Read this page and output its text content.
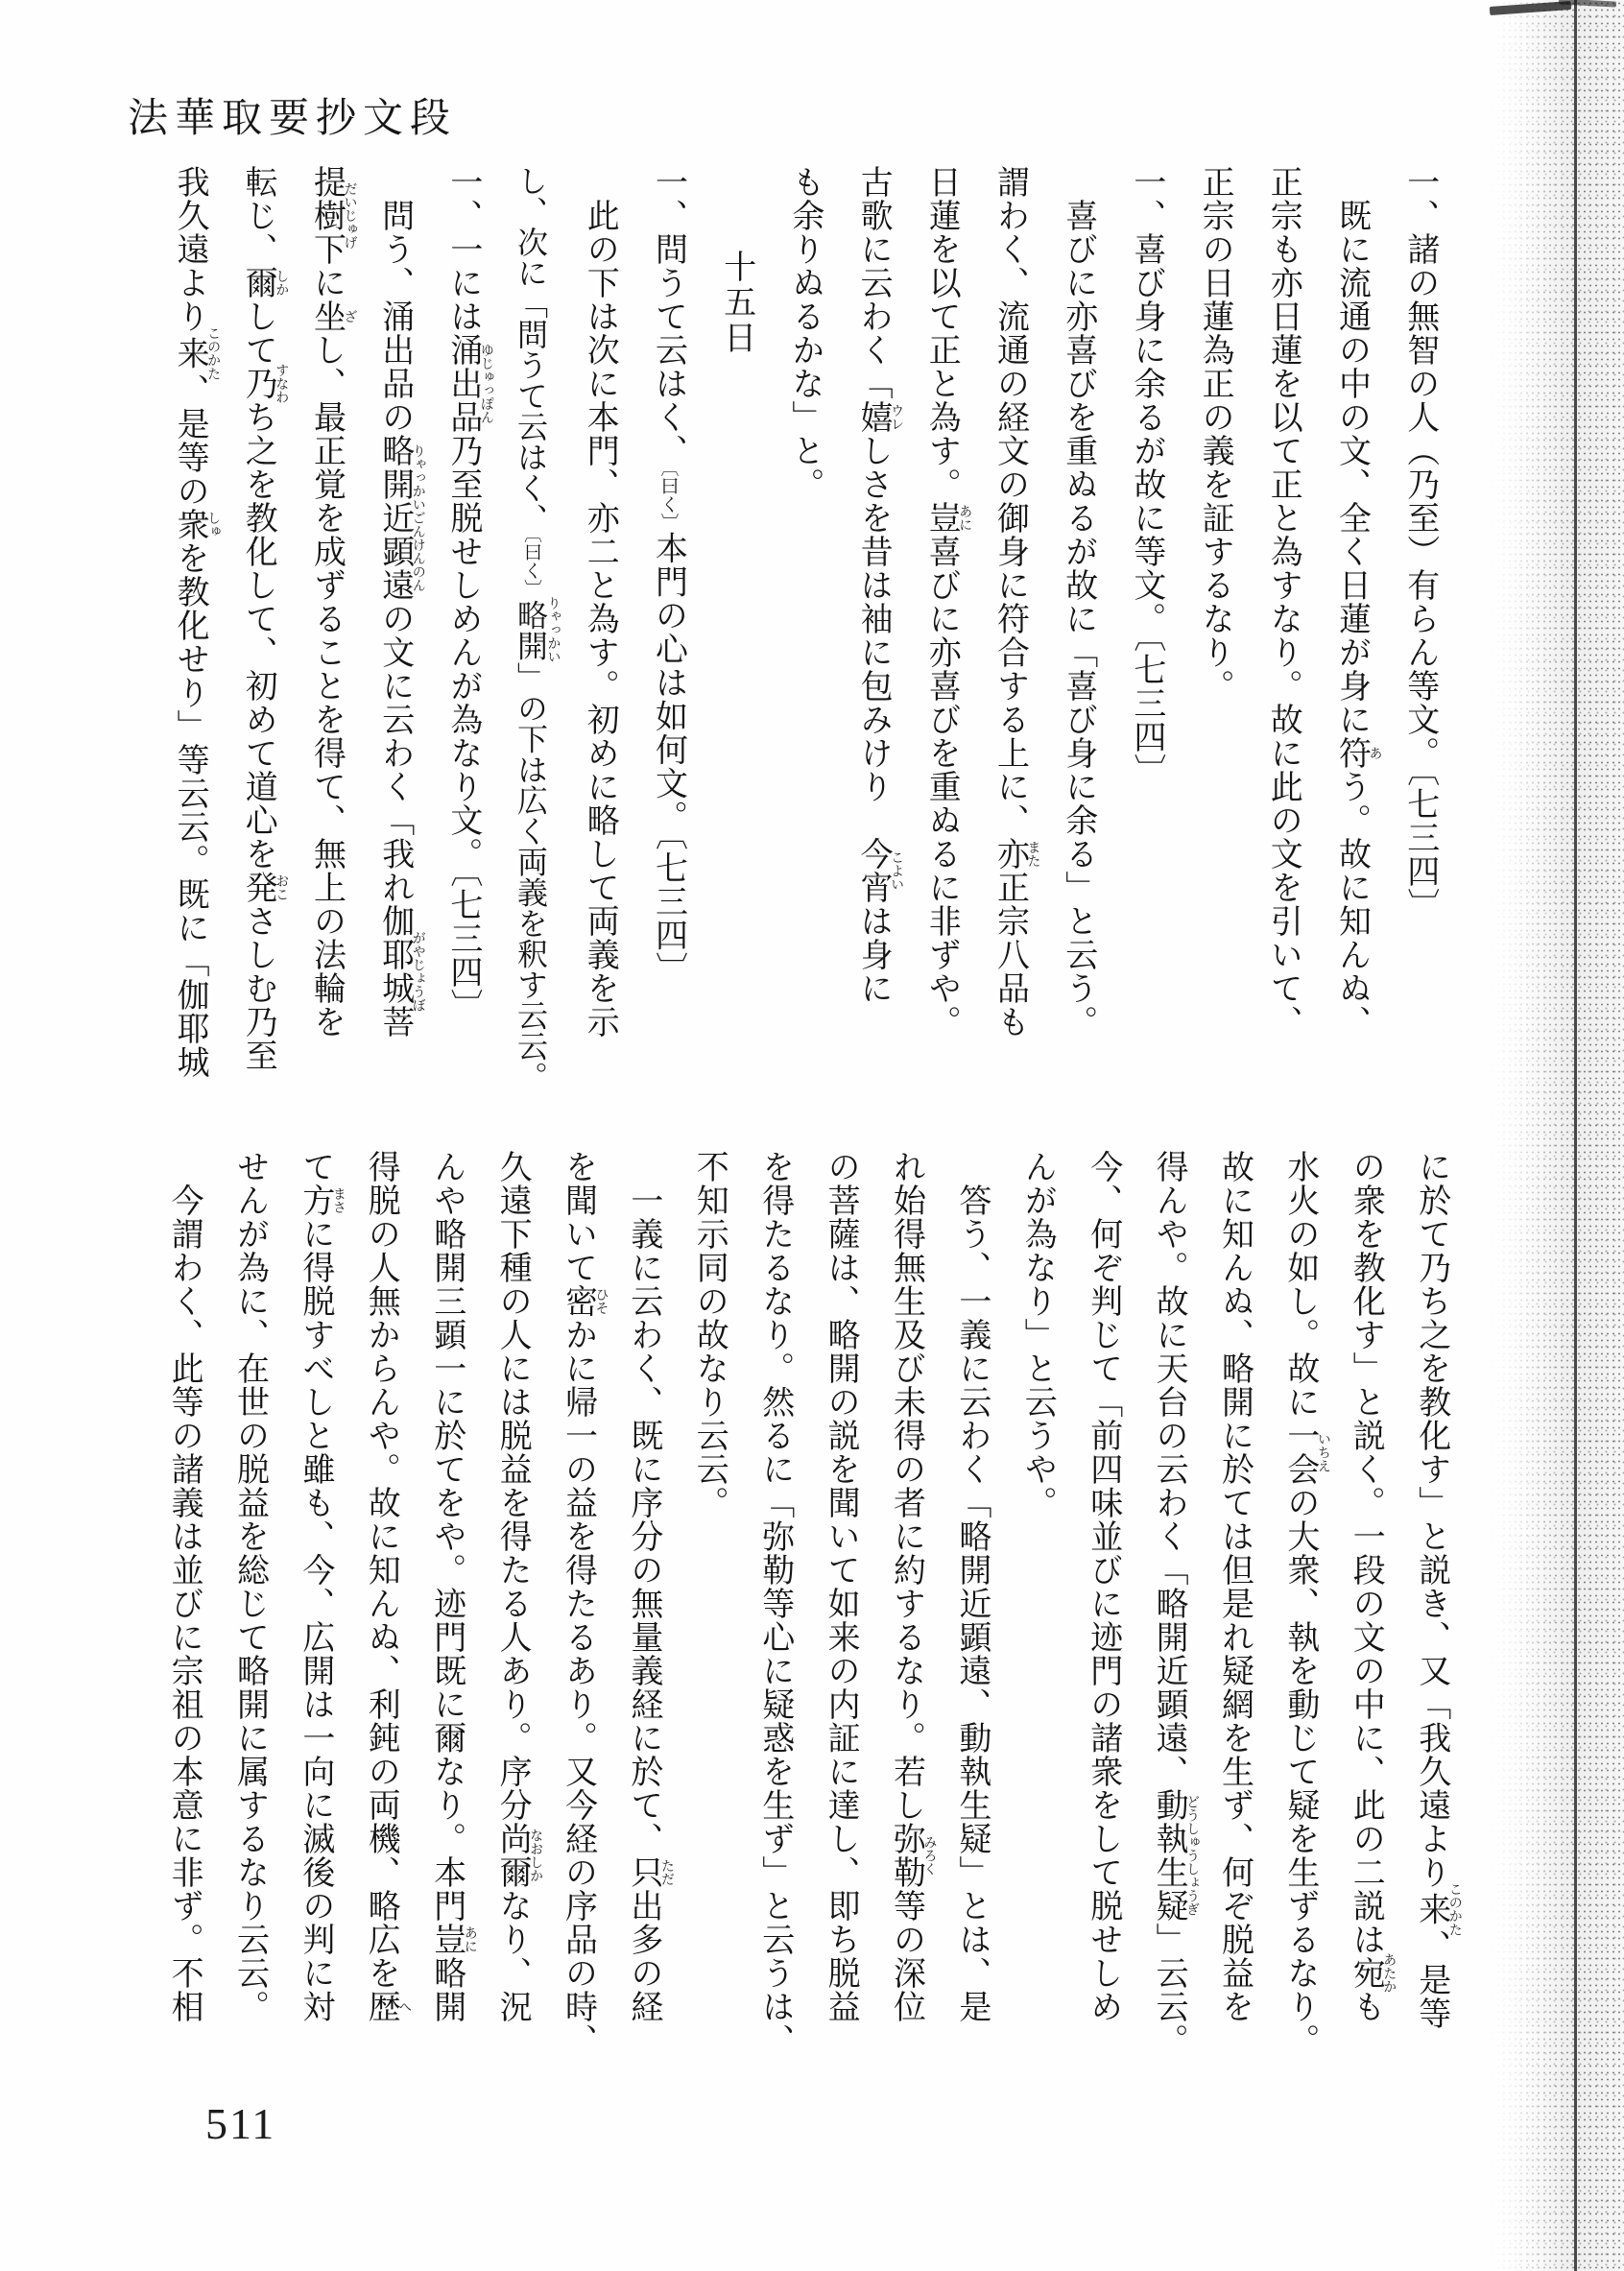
法華取要抄文段
一、諸の無智の人（乃至）有らん等文。〔七三四〕
既に流通の中の文、全く日蓮が身に符あう。故に知んぬ、
正宗も亦日蓮を以て正と為すなり。故に此の文を引いて、
正宗の日蓮為正の義を証するなり。
一、喜び身に余るが故に等文。〔七三四〕
喜びに亦喜びを重ぬるが故に「喜び身に余る」と云う。
謂わく、流通の経文の御身に符合する上に、亦また正宗八品も
日蓮を以て正と為す。豈あに喜びに亦喜びを重ぬるに非ずや。
古歌に云わく「嬉ウレしさを昔は袖に包みけり　今宵こよいは身に
も余りぬるかな」と。
十五日
一、問うて云はく、〔曰く〕本門の心は如何文。〔七三四〕
此の下は次に本門、亦二と為す。初めに略して両義を示
し、次に「問うて云はく、〔曰く〕略開りゃっかい」の下は広く両義を釈す云云。
一、一には涌出品ゆじゅっぽん乃至脱せしめんが為なり文。〔七三四〕
問う、涌出品の略開近顕遠りゃっかいごんけんのんの文に云わく「我れ伽耶城菩がやじょうぼ
提樹下だいじゅげに坐ざし、最正覚を成ずることを得て、無上の法輪を
転じ、爾しかして乃すなわち之を教化して、初めて道心を発おこさしむ乃至
我久遠より来このかた、是等の衆しゅを教化せり」等云云。既に「伽耶城
に於て乃ち之を教化す」と説き、又「我久遠より来このかた、是等
の衆を教化す」と説く。一段の文の中に、此の二説は宛あたかも
水火の如し。故に一会いちえの大衆、執を動じて疑を生ずるなり。
故に知んぬ、略開に於ては但是れ疑網を生ず、何ぞ脱益を
得んや。故に天台の云わく「略開近顕遠、動執生疑どうしゅうしょうぎ」云云。
今、何ぞ判じて「前四味並びに迹門の諸衆をして脱せしめ
んが為なり」と云うや。
答う、一義に云わく「略開近顕遠、動執生疑」とは、是
れ始得無生及び未得の者に約するなり。若し弥勒みろく等の深位
の菩薩は、略開の説を聞いて如来の内証に達し、即ち脱益
を得たるなり。然るに「弥勒等心に疑惑を生ず」と云うは、
不知示同の故なり云云。
一義に云わく、既に序分の無量義経に於て、只ただ出多の経
を聞いて密ひそかに帰一の益を得たるあり。又今経の序品の時、
久遠下種の人には脱益を得たる人あり。序分尚爾なおしかなり、況
んや略開三顕一に於てをや。迹門既に爾なり。本門豈あに略開
得脱の人無からんや。故に知んぬ、利鈍の両機、略広を歴へ
て方まさに得脱すべしと雖も、今、広開は一向に滅後の判に対
せんが為に、在世の脱益を総じて略開に属するなり云云。
今謂わく、此等の諸義は並びに宗祖の本意に非ず。不相
511
